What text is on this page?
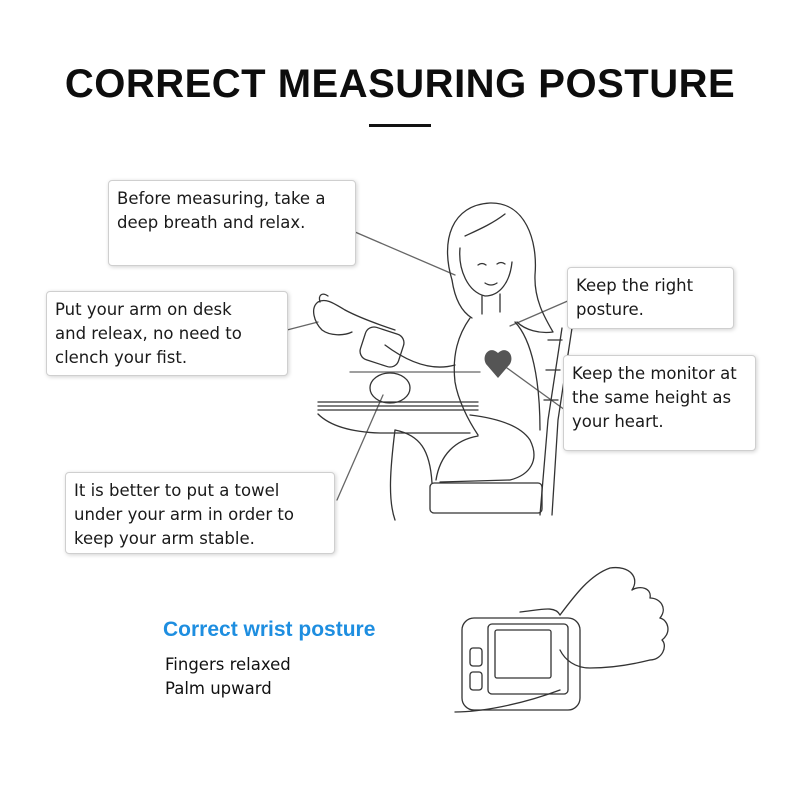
CORRECT MEASURING POSTURE
Before measuring, take a
deep breath and relax.
Put your arm on desk
and releax, no need to
clench your fist.
Keep the right
posture.
Keep the monitor at
the same height as
your heart.
It is better to put a towel
under your arm in order to
keep your arm stable.
Correct wrist posture
Fingers relaxed
Palm upward
